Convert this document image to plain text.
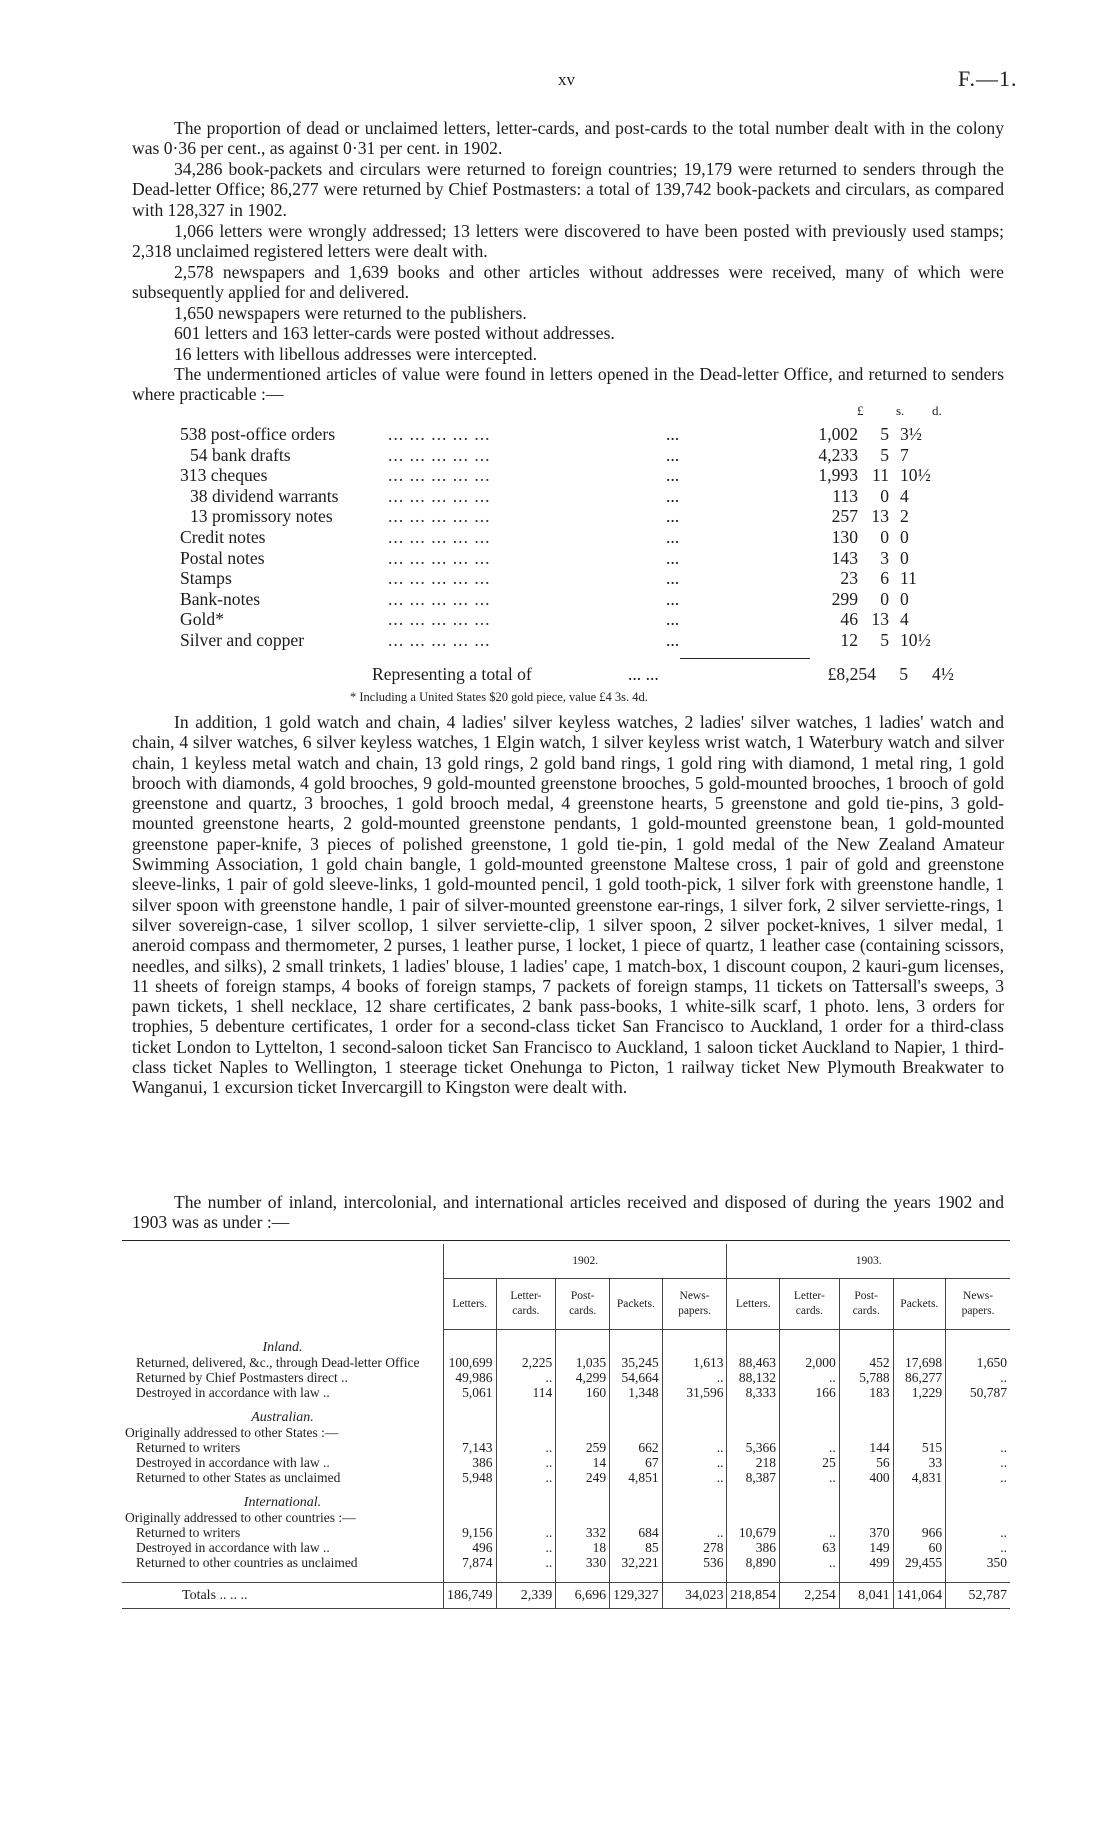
xv	F.—1.

The proportion of dead or unclaimed letters, letter-cards, and post-cards to the total number dealt with in the colony was 0·36 per cent., as against 0·31 per cent. in 1902.

34,286 book-packets and circulars were returned to foreign countries; 19,179 were returned to senders through the Dead-letter Office; 86,277 were returned by Chief Postmasters: a total of 139,742 book-packets and circulars, as compared with 128,327 in 1902.

1,066 letters were wrongly addressed; 13 letters were discovered to have been posted with previously used stamps; 2,318 unclaimed registered letters were dealt with.

2,578 newspapers and 1,639 books and other articles without addresses were received, many of which were subsequently applied for and delivered.

1,650 newspapers were returned to the publishers.

601 letters and 163 letter-cards were posted without addresses.

16 letters with libellous addresses were intercepted.

The undermentioned articles of value were found in letters opened in the Dead-letter Office, and returned to senders where practicable :—

£	s. d.
538 post-office orders	... ... ... ... ...	...	1,002 5 3½
54 bank drafts	... ... ... ... ...	...	4,233 5 7
313 cheques	... ... ... ... ...	...	1,993 11 10½
38 dividend warrants	... ... ... ... ...	...	113 0 4
13 promissory notes	... ... ... ... ...	...	257 13 2
Credit notes	... ... ... ... ...	...	130 0 0
Postal notes	... ... ... ... ...	...	143 3 0
Stamps	... ... ... ... ...	...	23 6 11
Bank-notes	... ... ... ... ...	...	299 0 0
Gold*	... ... ... ... ...	...	46 13 4
Silver and copper	... ... ... ... ...	...	12 5 10½
Representing a total of	... ...	£8,254 5 4½
* Including a United States $20 gold piece, value £4 3s. 4d.

In addition, 1 gold watch and chain, 4 ladies' silver keyless watches, 2 ladies' silver watches, 1 ladies' watch and chain, 4 silver watches, 6 silver keyless watches, 1 Elgin watch, 1 silver keyless wrist watch, 1 Waterbury watch and silver chain, 1 keyless metal watch and chain, 13 gold rings, 2 gold band rings, 1 gold ring with diamond, 1 metal ring, 1 gold brooch with diamonds, 4 gold brooches, 9 gold-mounted greenstone brooches, 5 gold-mounted brooches, 1 brooch of gold greenstone and quartz, 3 brooches, 1 gold brooch medal, 4 greenstone hearts, 5 greenstone and gold tie-pins, 3 gold-mounted greenstone hearts, 2 gold-mounted greenstone pendants, 1 gold-mounted greenstone bean, 1 gold-mounted greenstone paper-knife, 3 pieces of polished greenstone, 1 gold tie-pin, 1 gold medal of the New Zealand Amateur Swimming Association, 1 gold chain bangle, 1 gold-mounted greenstone Maltese cross, 1 pair of gold and greenstone sleeve-links, 1 pair of gold sleeve-links, 1 gold-mounted pencil, 1 gold tooth-pick, 1 silver fork with greenstone handle, 1 silver spoon with greenstone handle, 1 pair of silver-mounted greenstone ear-rings, 1 silver fork, 2 silver serviette-rings, 1 silver sovereign-case, 1 silver scollop, 1 silver serviette-clip, 1 silver spoon, 2 silver pocket-knives, 1 silver medal, 1 aneroid compass and thermometer, 2 purses, 1 leather purse, 1 locket, 1 piece of quartz, 1 leather case (containing scissors, needles, and silks), 2 small trinkets, 1 ladies' blouse, 1 ladies' cape, 1 match-box, 1 discount coupon, 2 kauri-gum licenses, 11 sheets of foreign stamps, 4 books of foreign stamps, 7 packets of foreign stamps, 11 tickets on Tattersall's sweeps, 3 pawn tickets, 1 shell necklace, 12 share certificates, 2 bank pass-books, 1 white-silk scarf, 1 photo. lens, 3 orders for trophies, 5 debenture certificates, 1 order for a second-class ticket San Francisco to Auckland, 1 order for a third-class ticket London to Lyttelton, 1 second-saloon ticket San Francisco to Auckland, 1 saloon ticket Auckland to Napier, 1 third-class ticket Naples to Wellington, 1 steerage ticket Onehunga to Picton, 1 railway ticket New Plymouth Breakwater to Wanganui, 1 excursion ticket Invercargill to Kingston were dealt with.

The number of inland, intercolonial, and international articles received and disposed of during the years 1902 and 1903 was as under :—

	1902.					1903.				
	Letters.	Letter-cards.	Post-cards.	Packets.	News-papers.	Letters.	Letter-cards.	Post-cards.	Packets.	News-papers.
Inland.										
Returned, delivered, &c., through Dead-letter Office	100,699	2,225	1,035	35,245	1,613	88,463	2,000	452	17,698	1,650
Returned by Chief Postmasters direct ..	49,986	..	4,299	54,664	..	88,132	..	5,788	86,277	..
Destroyed in accordance with law ..	5,061	114	160	1,348	31,596	8,333	166	183	1,229	50,787
Australian.										
Originally addressed to other States :—										
Returned to writers	7,143	..	259	662	..	5,366	..	144	515	..
Destroyed in accordance with law ..	386	..	14	67	..	218	25	56	33	..
Returned to other States as unclaimed	5,948	..	249	4,851	..	8,387	..	400	4,831	..
International.										
Originally addressed to other countries :—										
Returned to writers	9,156	..	332	684	..	10,679	..	370	966	..
Destroyed in accordance with law ..	496	..	18	85	278	386	63	149	60	..
Returned to other countries as unclaimed	7,874	..	330	32,221	536	8,890	..	499	29,455	350

Totals .. .. ..	186,749	2,339	6,696	129,327	34,023	218,854	2,254	8,041	141,064	52,787
